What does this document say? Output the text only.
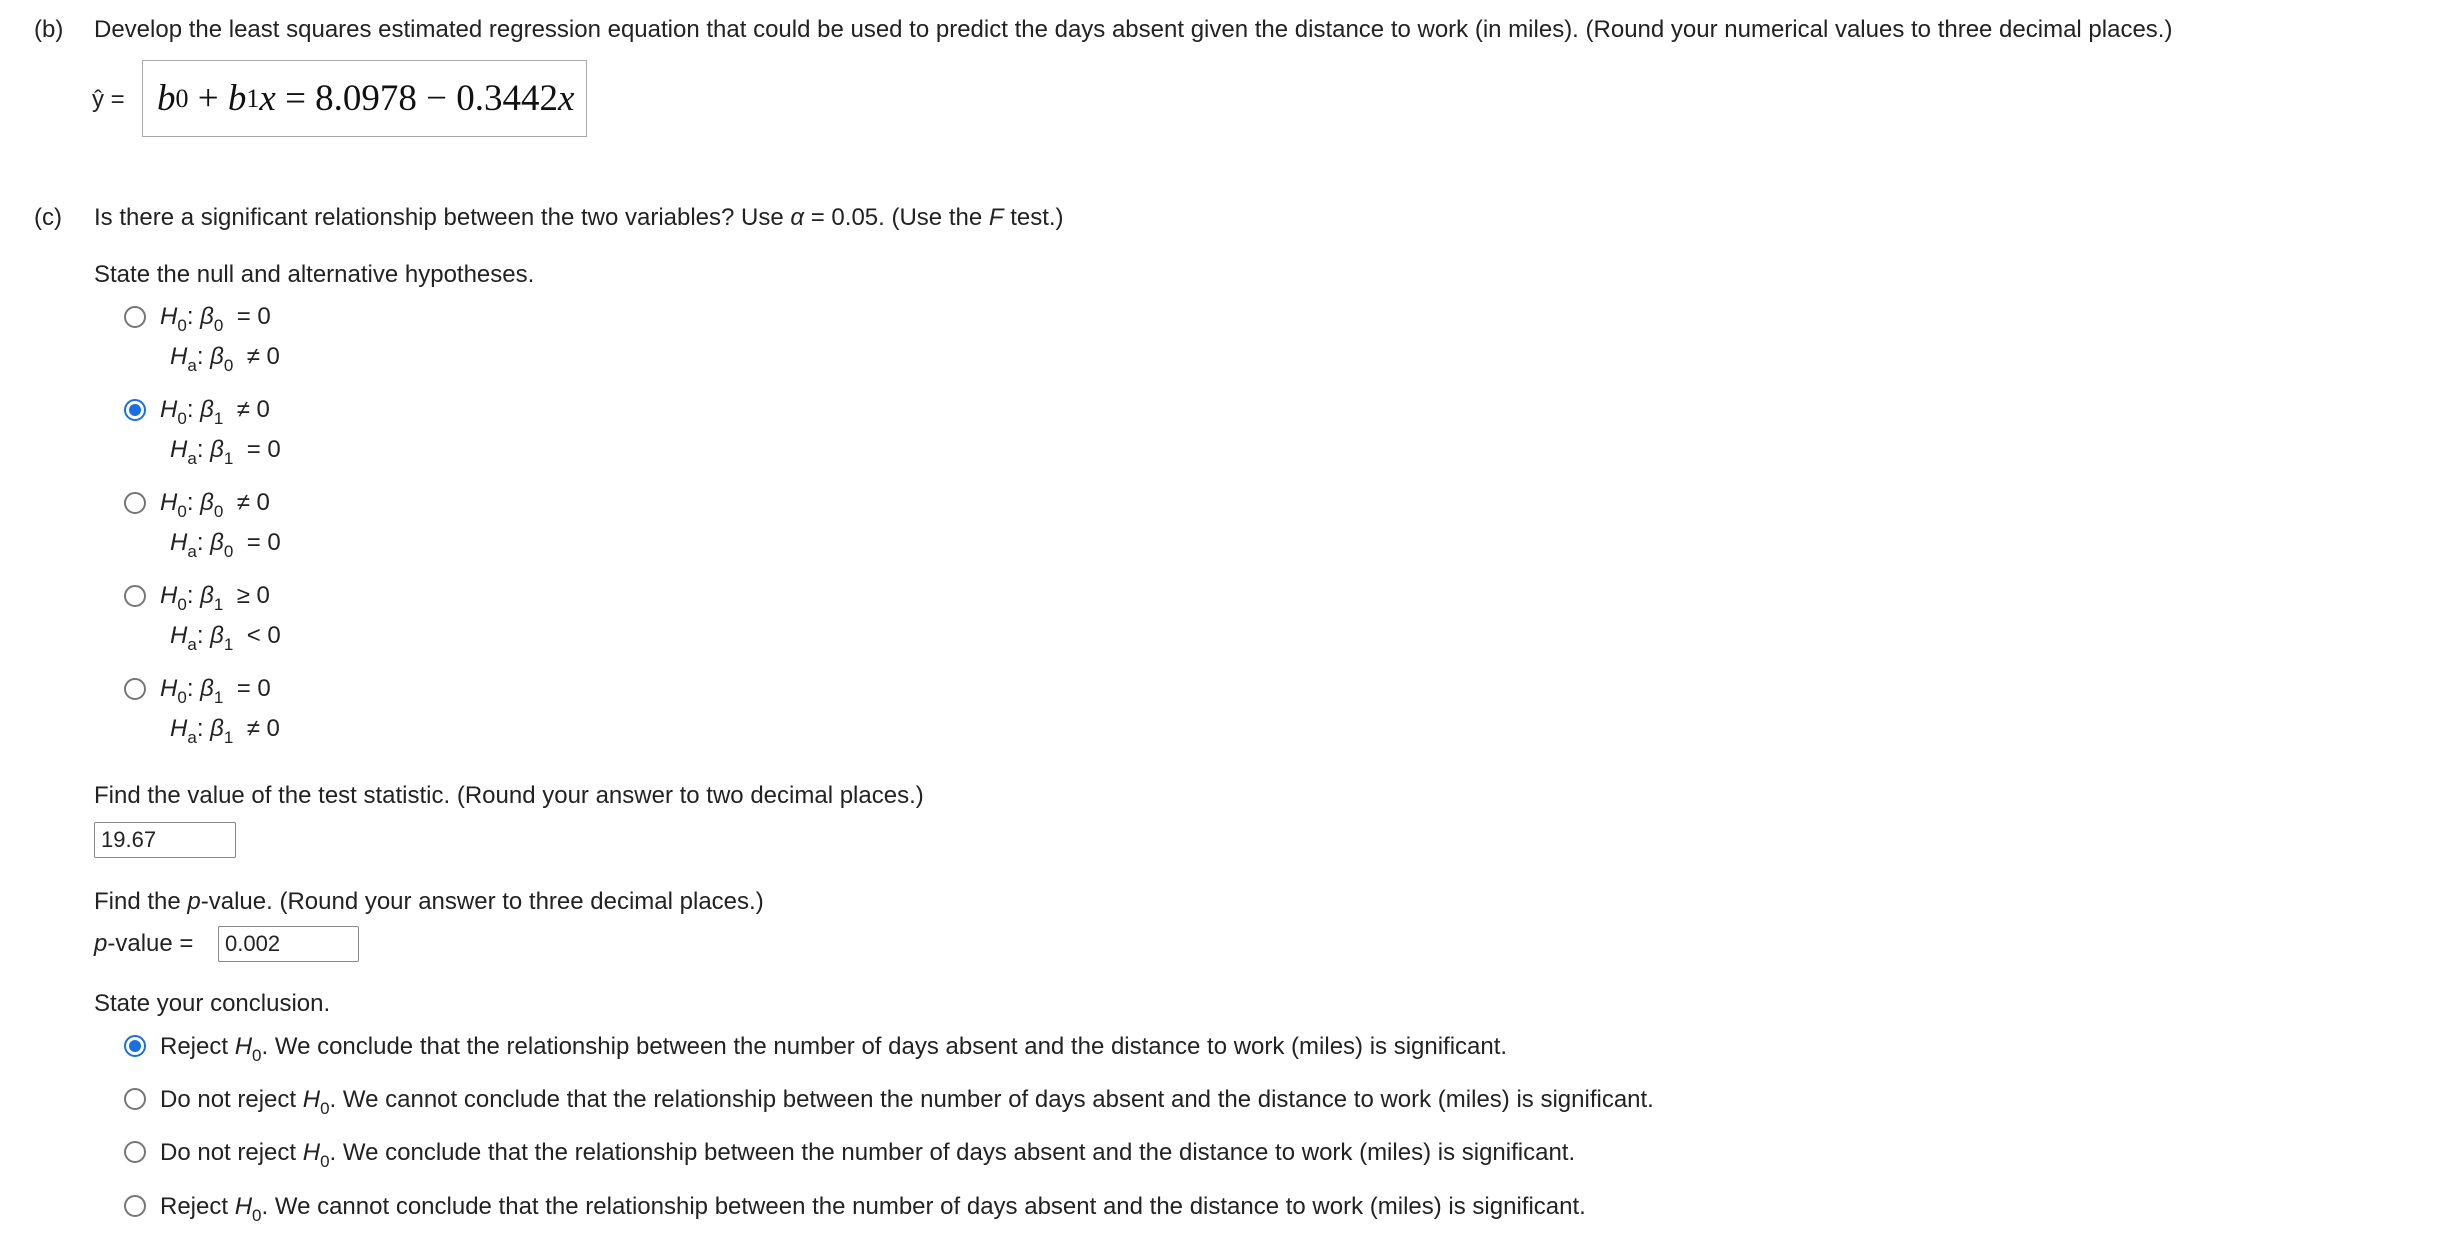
(b) Develop the least squares estimated regression equation that could be used to predict the days absent given the distance to work (in miles). (Round your numerical values to three decimal places.)
ŷ = b 0 + b 1 x = 8.0978 − 0.3442 x
(c) Is there a significant relationship between the two variables? Use α = 0.05. (Use the F test.)
State the null and alternative hypotheses.
$H_0$: $\beta_0 = 0$
$H_a$: $\beta_0 \ne 0$
$H_0$: $\beta_1 \ne 0$
$H_a$: $\beta_1 = 0$
$H_0$: $\beta_0 \ne 0$
$H_a$: $\beta_0 = 0$
$H_0$: $\beta_1 \ge 0$
$H_a$: $\beta_1 < 0$
$H_0$: $\beta_1 = 0$
$H_a$: $\beta_1 \ne 0$
Find the value of the test statistic. (Round your answer to two decimal places.)
19.67
Find the p-value. (Round your answer to three decimal places.)
p-value =	0.002
State your conclusion.
Reject $H_0$. We conclude that the relationship between the number of days absent and the distance to work (miles) is significant.
Do not reject $H_0$. We cannot conclude that the relationship between the number of days absent and the distance to work (miles) is significant.
Do not reject $H_0$. We conclude that the relationship between the number of days absent and the distance to work (miles) is significant.
Reject $H_0$. We cannot conclude that the relationship between the number of days absent and the distance to work (miles) is significant.
